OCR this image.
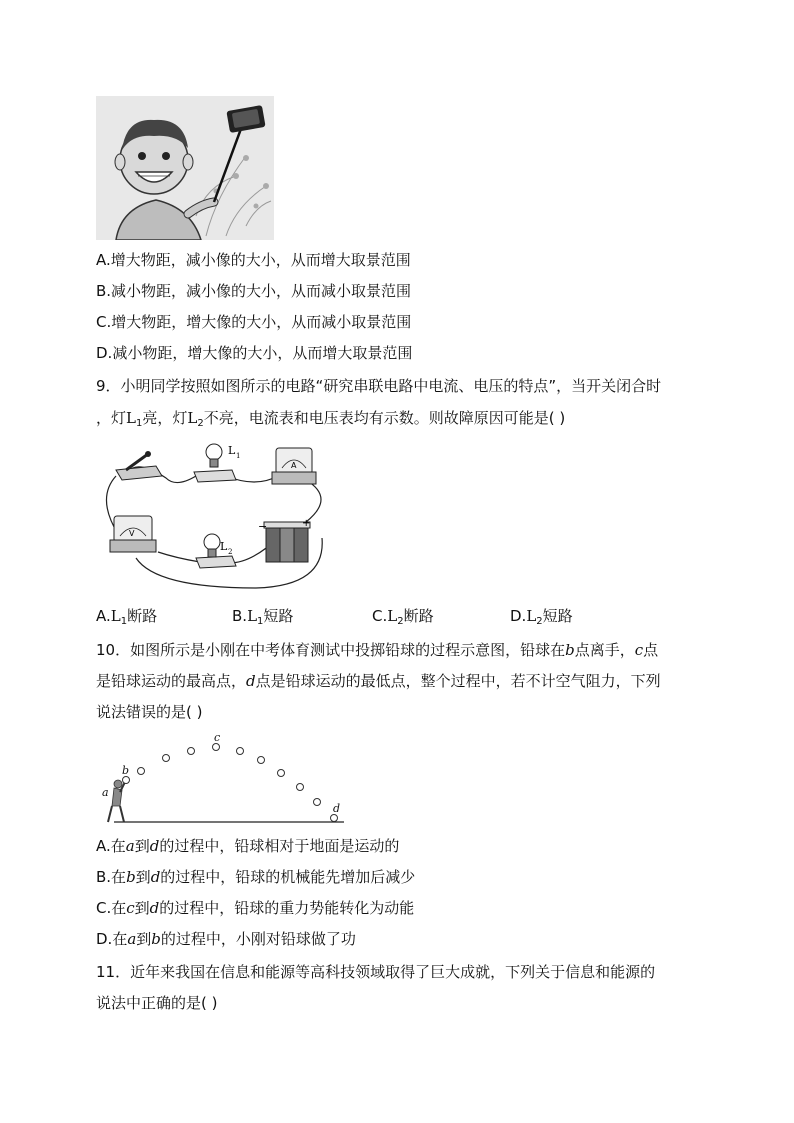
A.增大物距，减小像的大小，从而增大取景范围
B.减小物距，减小像的大小，从而减小取景范围
C.增大物距，增大像的大小，从而减小取景范围
D.减小物距，增大像的大小，从而增大取景范围
9．小明同学按照如图所示的电路“研究串联电路中电流、电压的特点”，当开关闭合时
，灯$L_1$亮，灯$L_2$不亮，电流表和电压表均有示数。则故障原因可能是( )
L 1
A
V
L 2
−	+
$A.L_1$断路	$B.L_1$短路	$C.L_2$断路	$D.L_2$短路
10．如图所示是小刚在中考体育测试中投掷铅球的过程示意图，铅球在b点离手，c点
是铅球运动的最高点，d点是铅球运动的最低点，整个过程中，若不计空气阻力，下列
说法错误的是( )
a
b
c
d
A.在a到d的过程中，铅球相对于地面是运动的
B.在b到d的过程中，铅球的机械能先增加后减少
C.在c到d的过程中，铅球的重力势能转化为动能
D.在a到b的过程中，小刚对铅球做了功
11．近年来我国在信息和能源等高科技领域取得了巨大成就，下列关于信息和能源的
说法中正确的是( )
